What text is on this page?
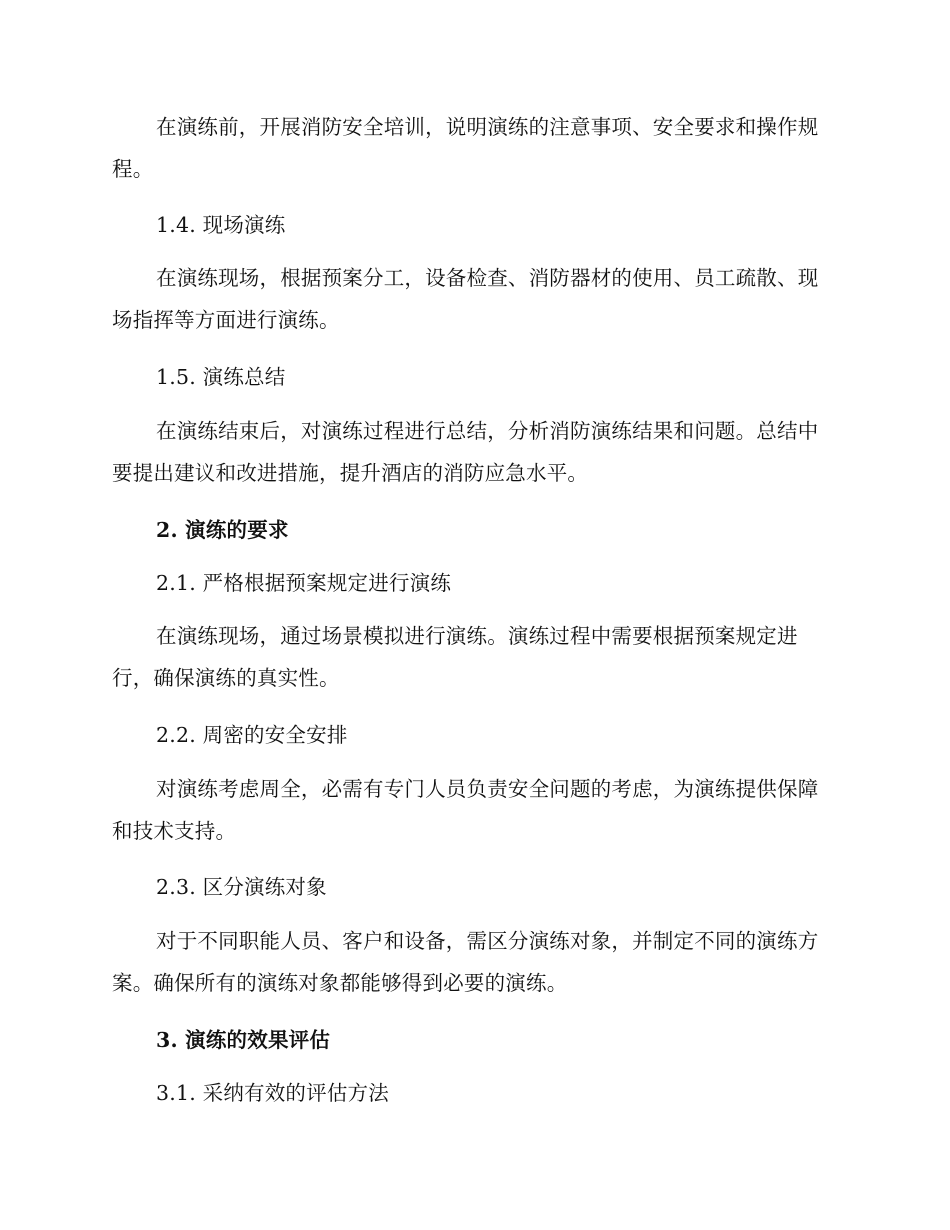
在演练前，开展消防安全培训，说明演练的注意事项、安全要求和操作规程。
1.4. 现场演练
在演练现场，根据预案分工，设备检查、消防器材的使用、员工疏散、现场指挥等方面进行演练。
1.5. 演练总结
在演练结束后，对演练过程进行总结，分析消防演练结果和问题。总结中要提出建议和改进措施，提升酒店的消防应急水平。
2. 演练的要求
2.1. 严格根据预案规定进行演练
在演练现场，通过场景模拟进行演练。演练过程中需要根据预案规定进行，确保演练的真实性。
2.2. 周密的安全安排
对演练考虑周全，必需有专门人员负责安全问题的考虑，为演练提供保障和技术支持。
2.3. 区分演练对象
对于不同职能人员、客户和设备，需区分演练对象，并制定不同的演练方案。确保所有的演练对象都能够得到必要的演练。
3. 演练的效果评估
3.1. 采纳有效的评估方法
